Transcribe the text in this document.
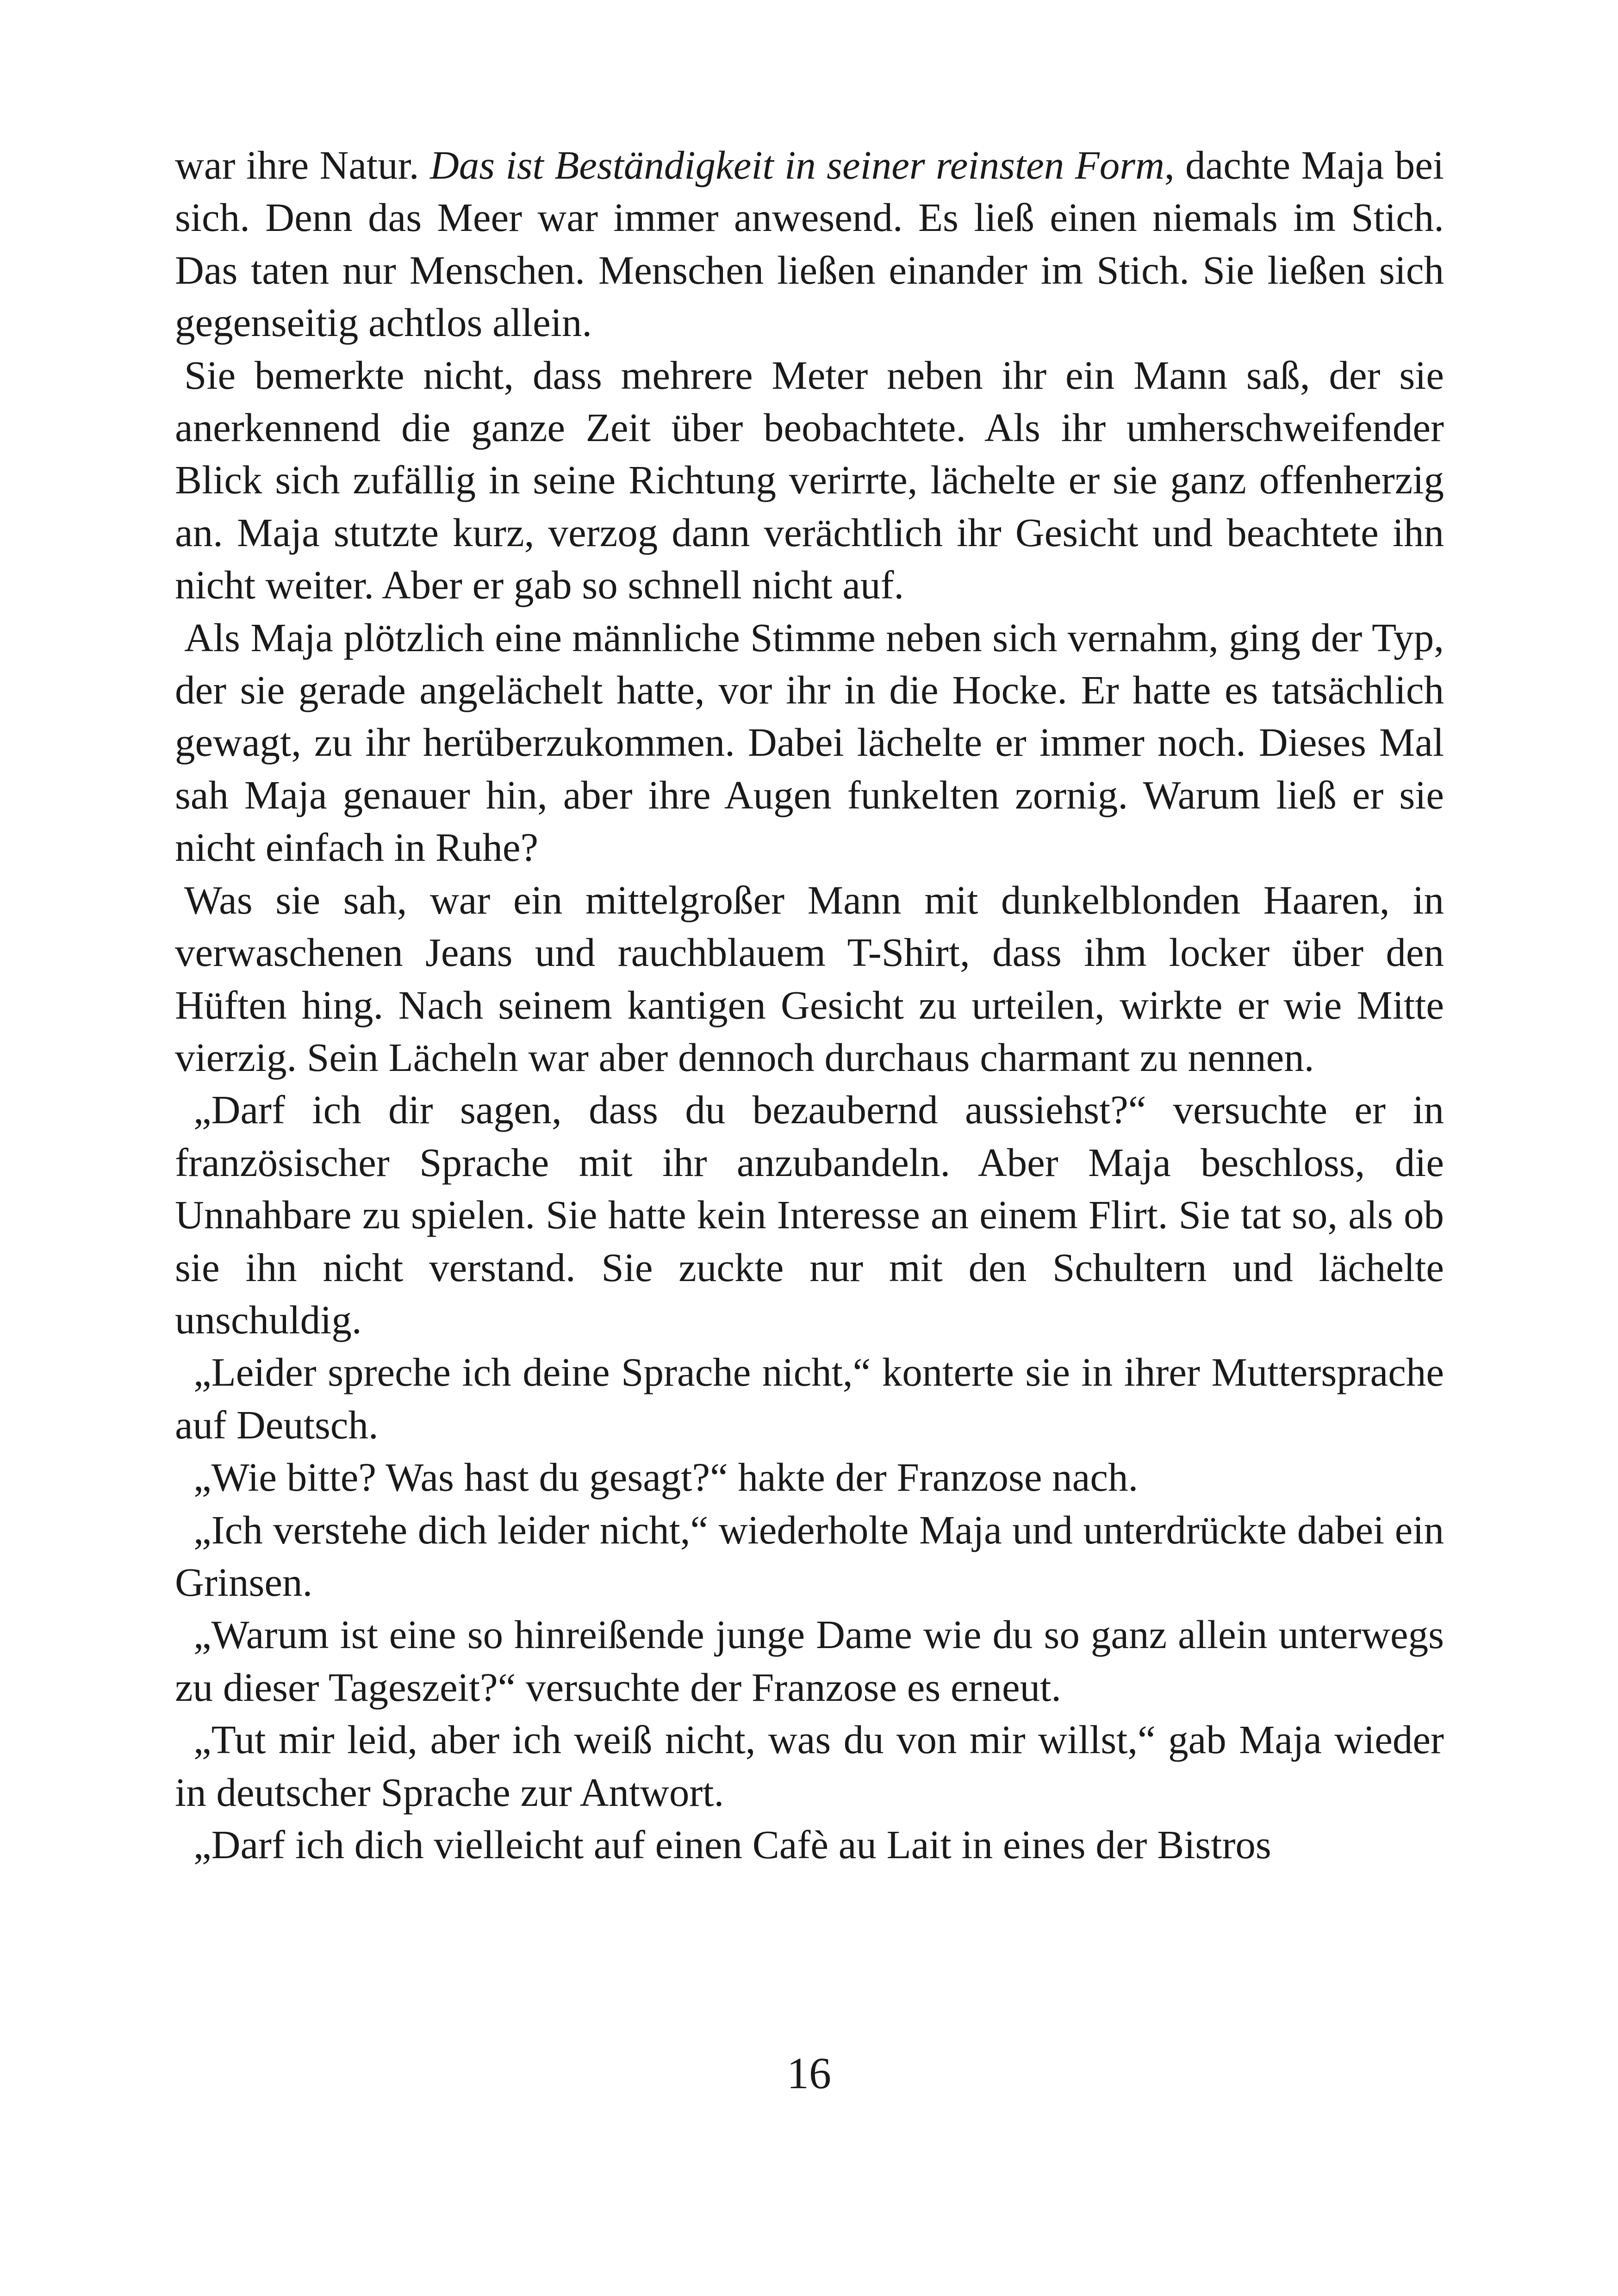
war ihre Natur. Das ist Beständigkeit in seiner reinsten Form, dachte Maja bei sich. Denn das Meer war immer anwesend. Es ließ einen niemals im Stich. Das taten nur Menschen. Menschen ließen einander im Stich. Sie ließen sich gegenseitig achtlos allein.

Sie bemerkte nicht, dass mehrere Meter neben ihr ein Mann saß, der sie anerkennend die ganze Zeit über beobachtete. Als ihr umherschweifender Blick sich zufällig in seine Richtung verirrte, lächelte er sie ganz offenherzig an. Maja stutzte kurz, verzog dann verächtlich ihr Gesicht und beachtete ihn nicht weiter. Aber er gab so schnell nicht auf.

Als Maja plötzlich eine männliche Stimme neben sich vernahm, ging der Typ, der sie gerade angelächelt hatte, vor ihr in die Hocke. Er hatte es tatsächlich gewagt, zu ihr herüberzukommen. Dabei lächelte er immer noch. Dieses Mal sah Maja genauer hin, aber ihre Augen funkelten zornig. Warum ließ er sie nicht einfach in Ruhe?

Was sie sah, war ein mittelgroßer Mann mit dunkelblonden Haaren, in verwaschenen Jeans und rauchblauem T-Shirt, dass ihm locker über den Hüften hing. Nach seinem kantigen Gesicht zu urteilen, wirkte er wie Mitte vierzig. Sein Lächeln war aber dennoch durchaus charmant zu nennen.

„Darf ich dir sagen, dass du bezaubernd aussiehst?“ versuchte er in französischer Sprache mit ihr anzubandeln. Aber Maja beschloss, die Unnahbare zu spielen. Sie hatte kein Interesse an einem Flirt. Sie tat so, als ob sie ihn nicht verstand. Sie zuckte nur mit den Schultern und lächelte unschuldig.

„Leider spreche ich deine Sprache nicht,“ konterte sie in ihrer Muttersprache auf Deutsch.

„Wie bitte? Was hast du gesagt?“ hakte der Franzose nach.

„Ich verstehe dich leider nicht,“ wiederholte Maja und unterdrückte dabei ein Grinsen.

„Warum ist eine so hinreißende junge Dame wie du so ganz allein unterwegs zu dieser Tageszeit?“ versuchte der Franzose es erneut.

„Tut mir leid, aber ich weiß nicht, was du von mir willst,“ gab Maja wieder in deutscher Sprache zur Antwort.

„Darf ich dich vielleicht auf einen Cafè au Lait in eines der Bistros

16
